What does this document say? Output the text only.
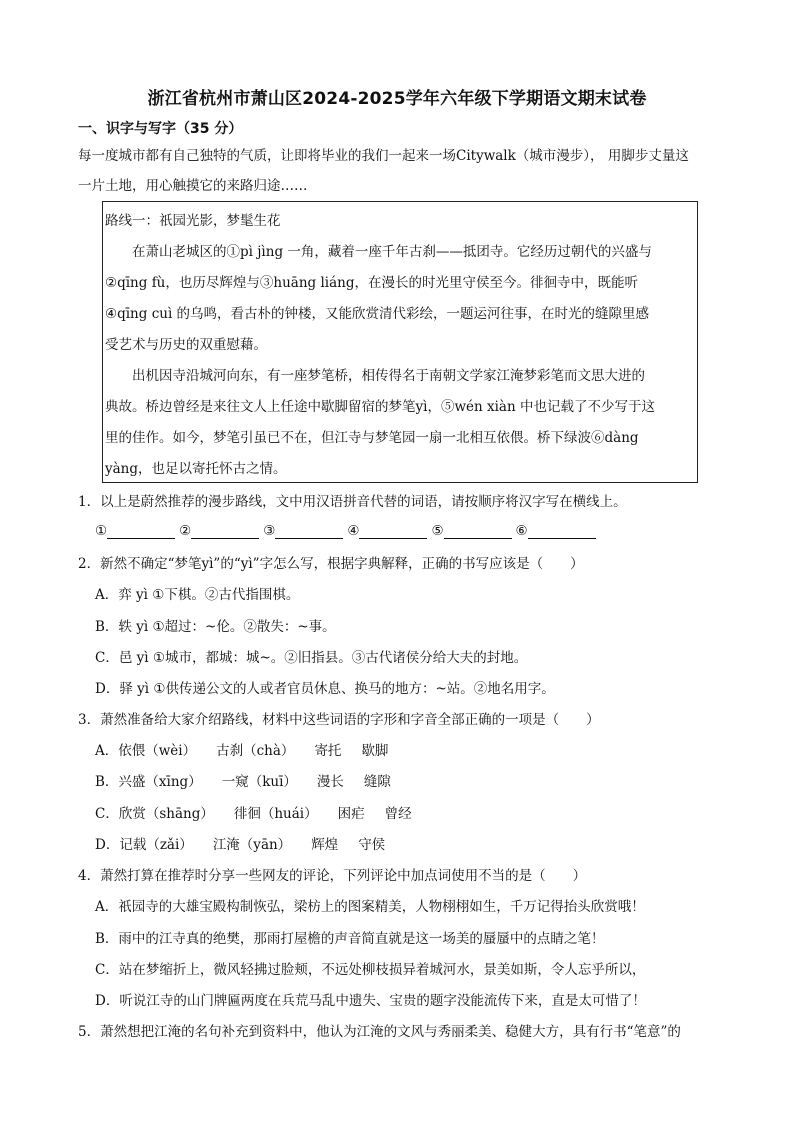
浙江省杭州市萧山区2024-2025学年六年级下学期语文期末试卷
一、识字与写字（35 分）
每一度城市都有自己独特的气质，让即将毕业的我们一起来一场Citywalk（城市漫步）， 用脚步丈量这
一片土地，用心触摸它的来路归途……

路线一：祇园光影，梦髦生花

在萧山老城区的①pì jìng 一角，藏着一座千年古刹——抵团寺。它经历过朝代的兴盛与

②qīng fù，也历尽辉煌与③huāng liáng，在漫长的时光里守侯至今。徘徊寺中，既能听

④qīng cuì 的乌鸣，看古朴的钟楼，又能欣赏清代彩绘，一题运河往事，在时光的缝隙里感

受艺术与历史的双重慰藉。

出机因寺沿城河向东，有一座梦笔桥，相传得名于南朝文学家江淹梦彩笔而文思大进的

典故。桥边曾经是来往文人上任途中歇脚留宿的梦笔yì，⑤wén xiàn 中也记载了不少写于这

里的佳作。如今，梦笔引虽已不在，但江寺与梦笔园一扇一北相互依偎。桥下绿波⑥dàng

yàng，也足以寄托怀古之情。

1．以上是蔚然推荐的漫步路线，文中用汉语拼音代替的词语，请按顺序将汉字写在横线上。
①	②	③	④	⑤	⑥
2．新然不确定“梦笔yì”的“yì”字怎么写，根据字典解释，正确的书写应该是（　　）
A．弈 yì ①下棋。②古代指围棋。
B．轶 yì ①超过：~伦。②散失：~事。
C．邑 yì ①城市，都城：城~。②旧指县。③古代诸侯分给大夫的封地。
D．驿 yì ①供传递公文的人或者官员休息、换马的地方：~站。②地名用字。
3．萧然准备给大家介绍路线，材料中这些词语的字形和字音全部正确的一项是（　　）
A．依偎（wèi） 古刹（chà） 寄托 歇脚
B．兴盛（xīng） 一窥（kuī） 漫长 缝隙
C．欣赏（shāng） 徘徊（huái） 困疟 曾经
D．记载（zǎi） 江淹（yān） 辉煌 守侯
4．萧然打算在推荐时分享一些网友的评论，下列评论中加点词使用不当的是（　　）
A．祇园寺的大雄宝殿构制恢弘，梁枋上的图案精美，人物栩栩如生，千万记得抬头欣赏哦！
B．雨中的江寺真的绝樊，那雨打屋檐的声音简直就是这一场美的蜃蜃中的点睛之笔！
C．站在梦缩折上，微风轻拂过脸颊，不远处柳枝损异着城河水，景美如斯，令人忘乎所以，
D．听说江寺的山门牌匾两度在兵荒马乱中遗失、宝贵的题字没能流传下来，直是太可惜了！
5．萧然想把江淹的名句补充到资料中，他认为江淹的文风与秀丽柔美、稳健大方，具有行书“笔意”的
